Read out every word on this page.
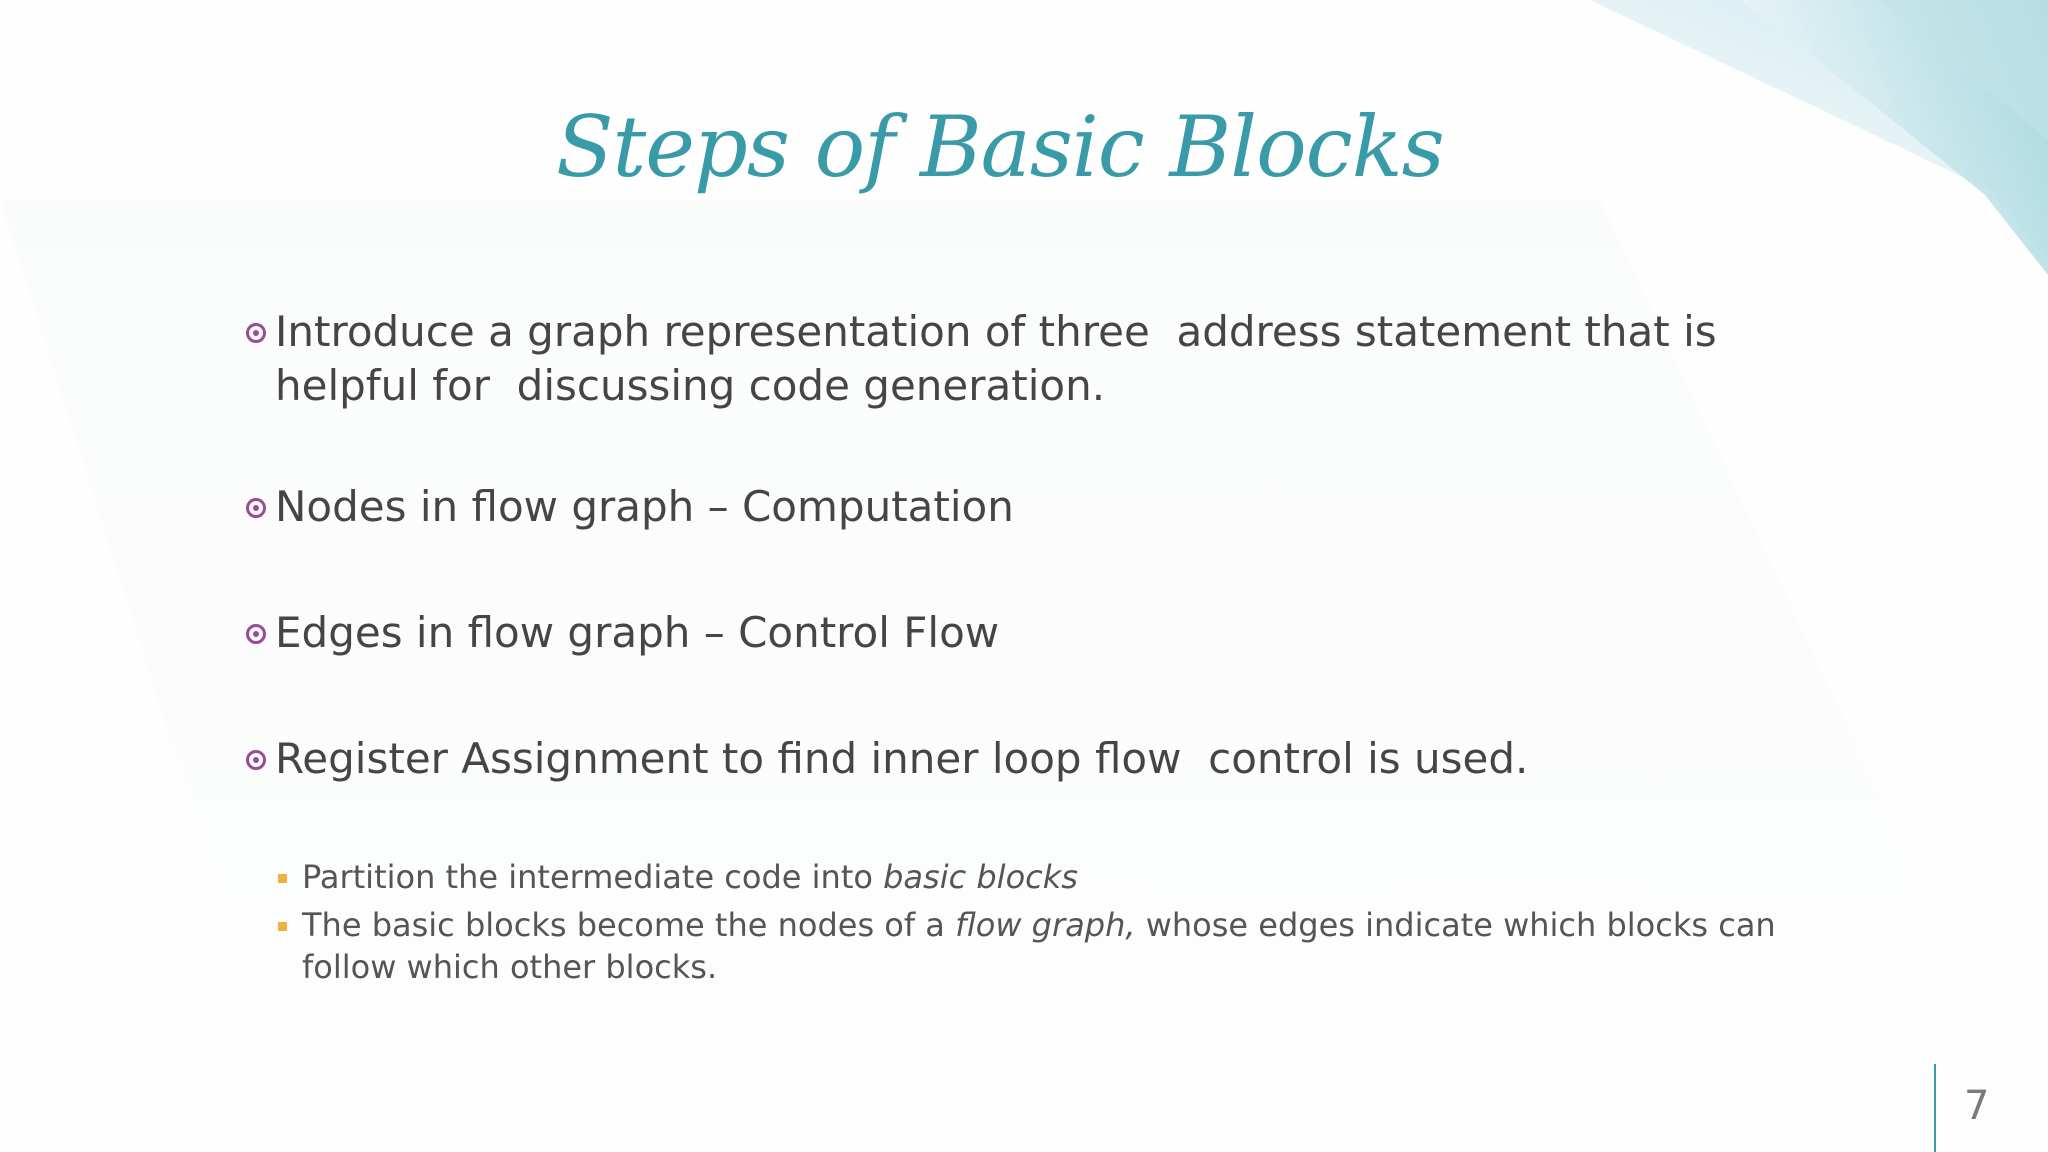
Steps of Basic Blocks
Introduce a graph representation of three  address statement that is helpful for  discussing code generation.
Nodes in flow graph – Computation
Edges in flow graph – Control Flow
Register Assignment to find inner loop flow  control is used.
Partition the intermediate code into basic blocks
The basic blocks become the nodes of a flow graph, whose edges indicate which blocks can follow which other blocks.
7
